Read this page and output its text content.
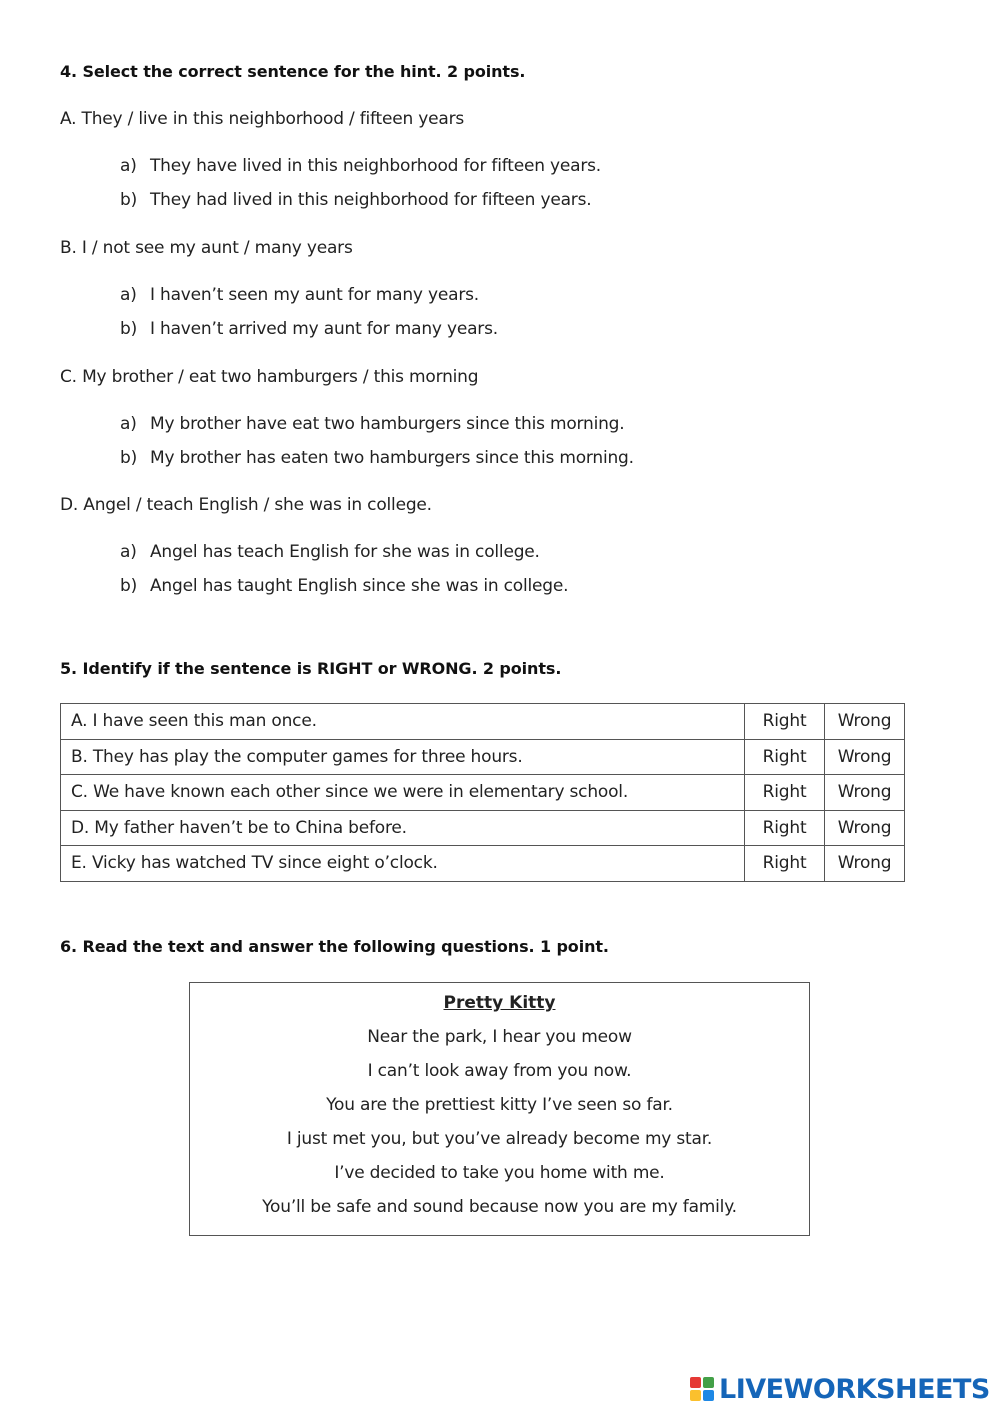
4. Select the correct sentence for the hint. 2 points.
A. They / live in this neighborhood / fifteen years
a) They have lived in this neighborhood for fifteen years.
b) They had lived in this neighborhood for fifteen years.
B. I / not see my aunt / many years
a) I haven’t seen my aunt for many years.
b) I haven’t arrived my aunt for many years.
C. My brother / eat two hamburgers / this morning
a) My brother have eat two hamburgers since this morning.
b) My brother has eaten two hamburgers since this morning.
D. Angel / teach English / she was in college.
a) Angel has teach English for she was in college.
b) Angel has taught English since she was in college.
5. Identify if the sentence is RIGHT or WRONG. 2 points.
A. I have seen this man once.	Right	Wrong
B. They has play the computer games for three hours.	Right	Wrong
C. We have known each other since we were in elementary school.	Right	Wrong
D. My father haven’t be to China before.	Right	Wrong
E. Vicky has watched TV since eight o’clock.	Right	Wrong
6. Read the text and answer the following questions. 1 point.
Pretty Kitty
Near the park, I hear you meow
I can’t look away from you now.
You are the prettiest kitty I’ve seen so far.
I just met you, but you’ve already become my star.
I’ve decided to take you home with me.
You’ll be safe and sound because now you are my family.
LIVEWORKSHEETS
